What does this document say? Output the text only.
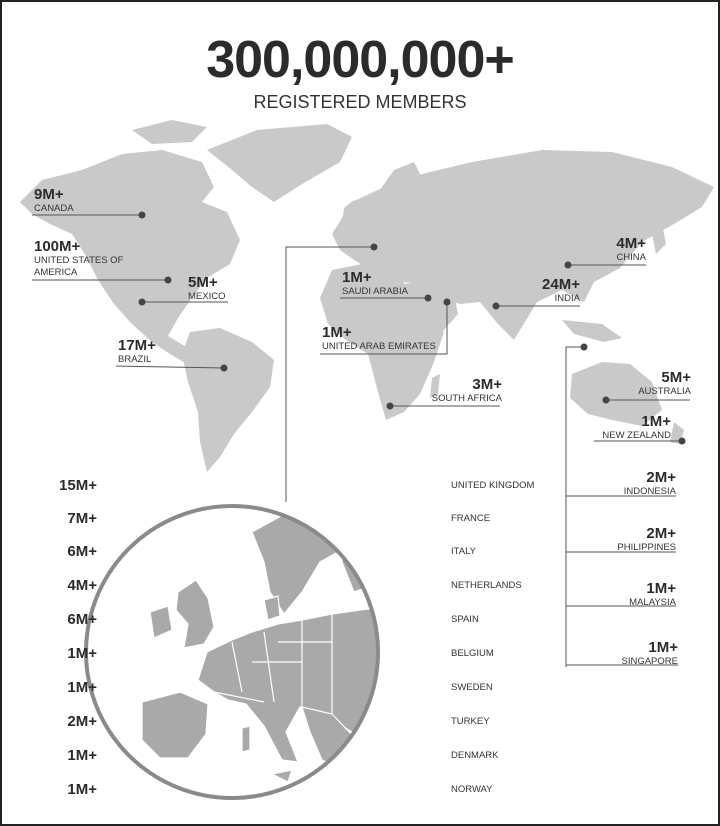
300,000,000+
REGISTERED MEMBERS
9M+
CANADA
100M+
UNITED STATES OF
AMERICA
5M+
MEXICO
17M+
BRAZIL
1M+
SAUDI ARABIA
1M+
UNITED ARAB EMIRATES
3M+
SOUTH AFRICA
24M+
INDIA
4M+
CHINA
5M+
AUSTRALIA
1M+
NEW ZEALAND
2M+
INDONESIA
2M+
PHILIPPINES
1M+
MALAYSIA
1M+
SINGAPORE
15M+	UNITED KINGDOM
7M+	FRANCE
6M+	ITALY
4M+	NETHERLANDS
6M+	SPAIN
1M+	BELGIUM
1M+	SWEDEN
2M+	TURKEY
1M+	DENMARK
1M+	NORWAY
